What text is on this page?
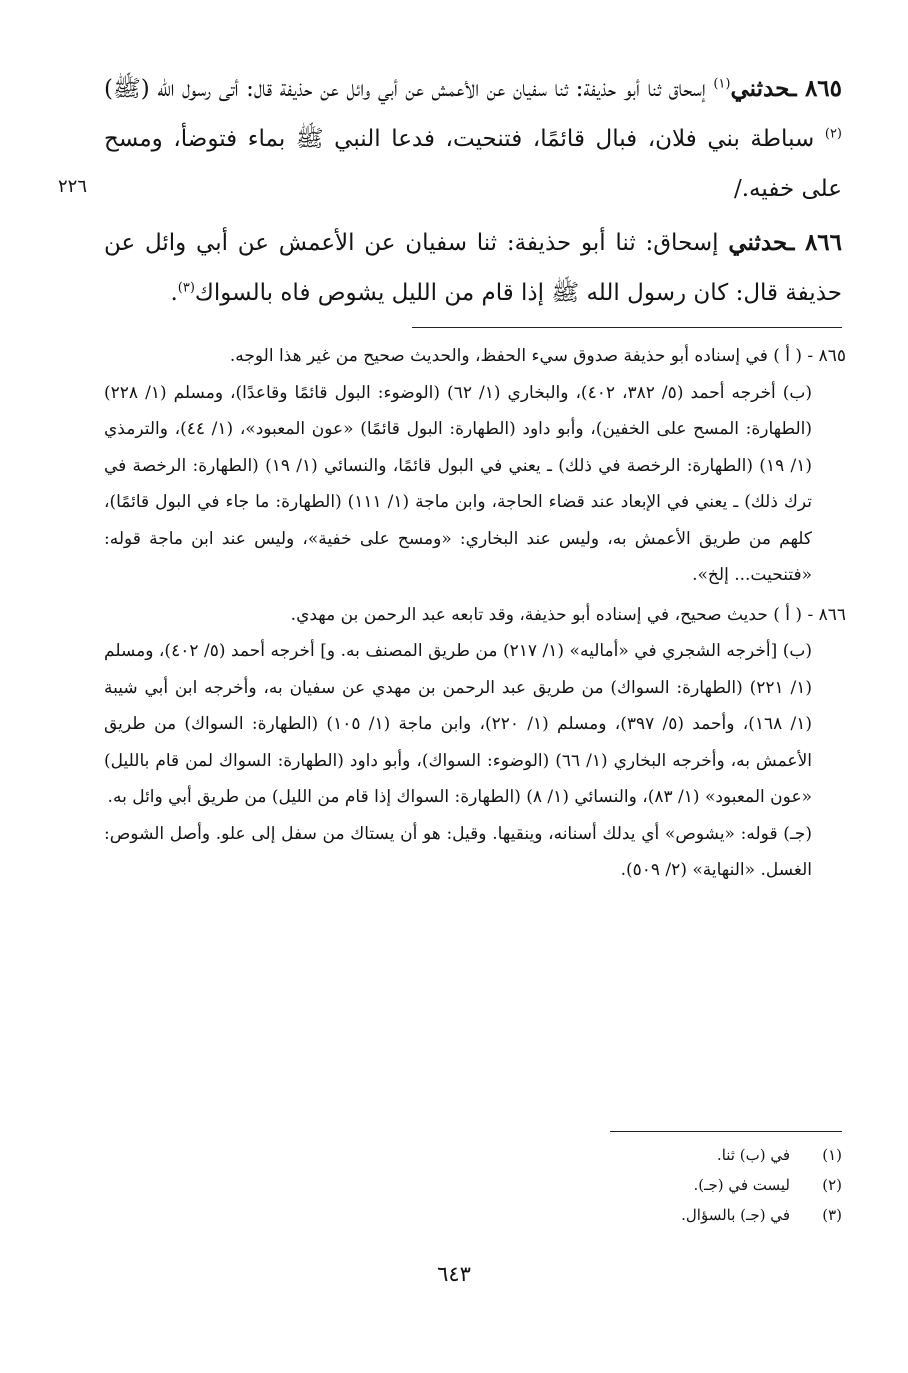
٨٦٥ ـحدثني$^{(١)}$ إسحاق ثنا أبو حذيفة: ثنا سفيان عن الأعمش عن أبي وائل عن حذيفة قال: أتى رسول الله (ﷺ)$^{(٢)}$ سباطة بني فلان، فبال قائمًا، فتنحيت، فدعا النبي ﷺ بماء فتوضأ، ومسح على خفيه./

٨٦٦ ـحدثني إسحاق: ثنا أبو حذيفة: ثنا سفيان عن الأعمش عن أبي وائل عن حذيفة قال: كان رسول الله ﷺ إذا قام من الليل يشوص فاه بالسواك$^{(٣)}$.

٢٢٦

٨٦٥ - ( أ ) في إسناده أبو حذيفة صدوق سيء الحفظ، والحديث صحيح من غير هذا الوجه.

(ب) أخرجه أحمد (٥/ ٣٨٢، ٤٠٢)، والبخاري (١/ ٦٢) (الوضوء: البول قائمًا وقاعدًا)، ومسلم (١/ ٢٢٨) (الطهارة: المسح على الخفين)، وأبو داود (الطهارة: البول قائمًا) «عون المعبود»، (١/ ٤٤)، والترمذي (١/ ١٩) (الطهارة: الرخصة في ذلك) ـ يعني في البول قائمًا، والنسائي (١/ ١٩) (الطهارة: الرخصة في ترك ذلك) ـ يعني في الإبعاد عند قضاء الحاجة، وابن ماجة (١/ ١١١) (الطهارة: ما جاء في البول قائمًا)، كلهم من طريق الأعمش به، وليس عند البخاري: «ومسح على خفية»، وليس عند ابن ماجة قوله: «فتنحيت... إلخ».

٨٦٦ - ( أ ) حديث صحيح، في إسناده أبو حذيفة، وقد تابعه عبد الرحمن بن مهدي.

(ب) [أخرجه الشجري في «أماليه» (١/ ٢١٧) من طريق المصنف به. و] أخرجه أحمد (٥/ ٤٠٢)، ومسلم (١/ ٢٢١) (الطهارة: السواك) من طريق عبد الرحمن بن مهدي عن سفيان به، وأخرجه ابن أبي شيبة (١/ ١٦٨)، وأحمد (٥/ ٣٩٧)، ومسلم (١/ ٢٢٠)، وابن ماجة (١/ ١٠٥) (الطهارة: السواك) من طريق الأعمش به، وأخرجه البخاري (١/ ٦٦) (الوضوء: السواك)، وأبو داود (الطهارة: السواك لمن قام بالليل) «عون المعبود» (١/ ٨٣)، والنسائي (١/ ٨) (الطهارة: السواك إذا قام من الليل) من طريق أبي وائل به.

(جـ) قوله: «يشوص» أي يدلك أسنانه، وينقيها. وقيل: هو أن يستاك من سفل إلى علو. وأصل الشوص: الغسل. «النهاية» (٢/ ٥٠٩).

(١)
في (ب) ثنا.
(٢)
ليست في (جـ).
(٣)
في (جـ) بالسؤال.
٦٤٣
